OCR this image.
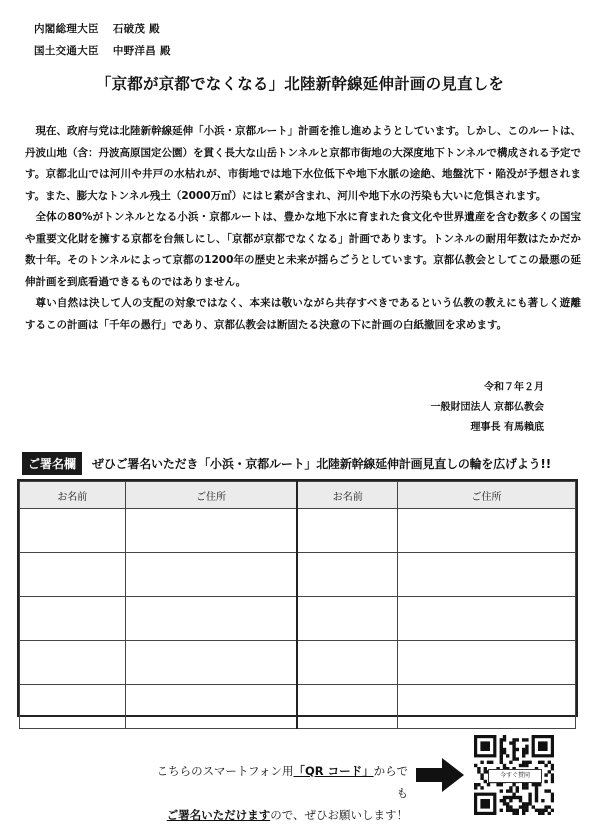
内閣総理大臣 石破茂 殿
国土交通大臣 中野洋昌 殿
「京都が京都でなくなる」北陸新幹線延伸計画の見直しを

現在、政府与党は北陸新幹線延伸「小浜・京都ルート」計画を推し進めようとしています。しかし、このルートは、丹波山地（含：丹波高原国定公園）を貫く長大な山岳トンネルと京都市街地の大深度地下トンネルで構成される予定です。京都北山では河川や井戸の水枯れが、市街地では地下水位低下や地下水脈の途絶、地盤沈下・陥没が予想されます。また、膨大なトンネル残土（2000万㎥）にはヒ素が含まれ、河川や地下水の汚染も大いに危惧されます。

全体の80%がトンネルとなる小浜・京都ルートは、豊かな地下水に育まれた食文化や世界遺産を含む数多くの国宝や重要文化財を擁する京都を台無しにし、「京都が京都でなくなる」計画であります。トンネルの耐用年数はたかだか数十年。そのトンネルによって京都の1200年の歴史と未来が揺らごうとしています。京都仏教会としてこの最悪の延伸計画を到底看過できるものではありません。

尊い自然は決して人の支配の対象ではなく、本来は敬いながら共存すべきであるという仏教の教えにも著しく遊離するこの計画は「千年の愚行」であり、京都仏教会は断固たる決意の下に計画の白紙撤回を求めます。

令和７年２月
一般財団法人 京都仏教会
理事長 有馬賴底
ご署名欄	ぜひご署名いただき「小浜・京都ルート」北陸新幹線延伸計画見直しの輪を広げよう!!
お名前	ご住所	お名前	ご住所

こちらのスマートフォン用「QR コード」からでも
ご署名いただけますので、ぜひお願いします！
今すぐ賛同
